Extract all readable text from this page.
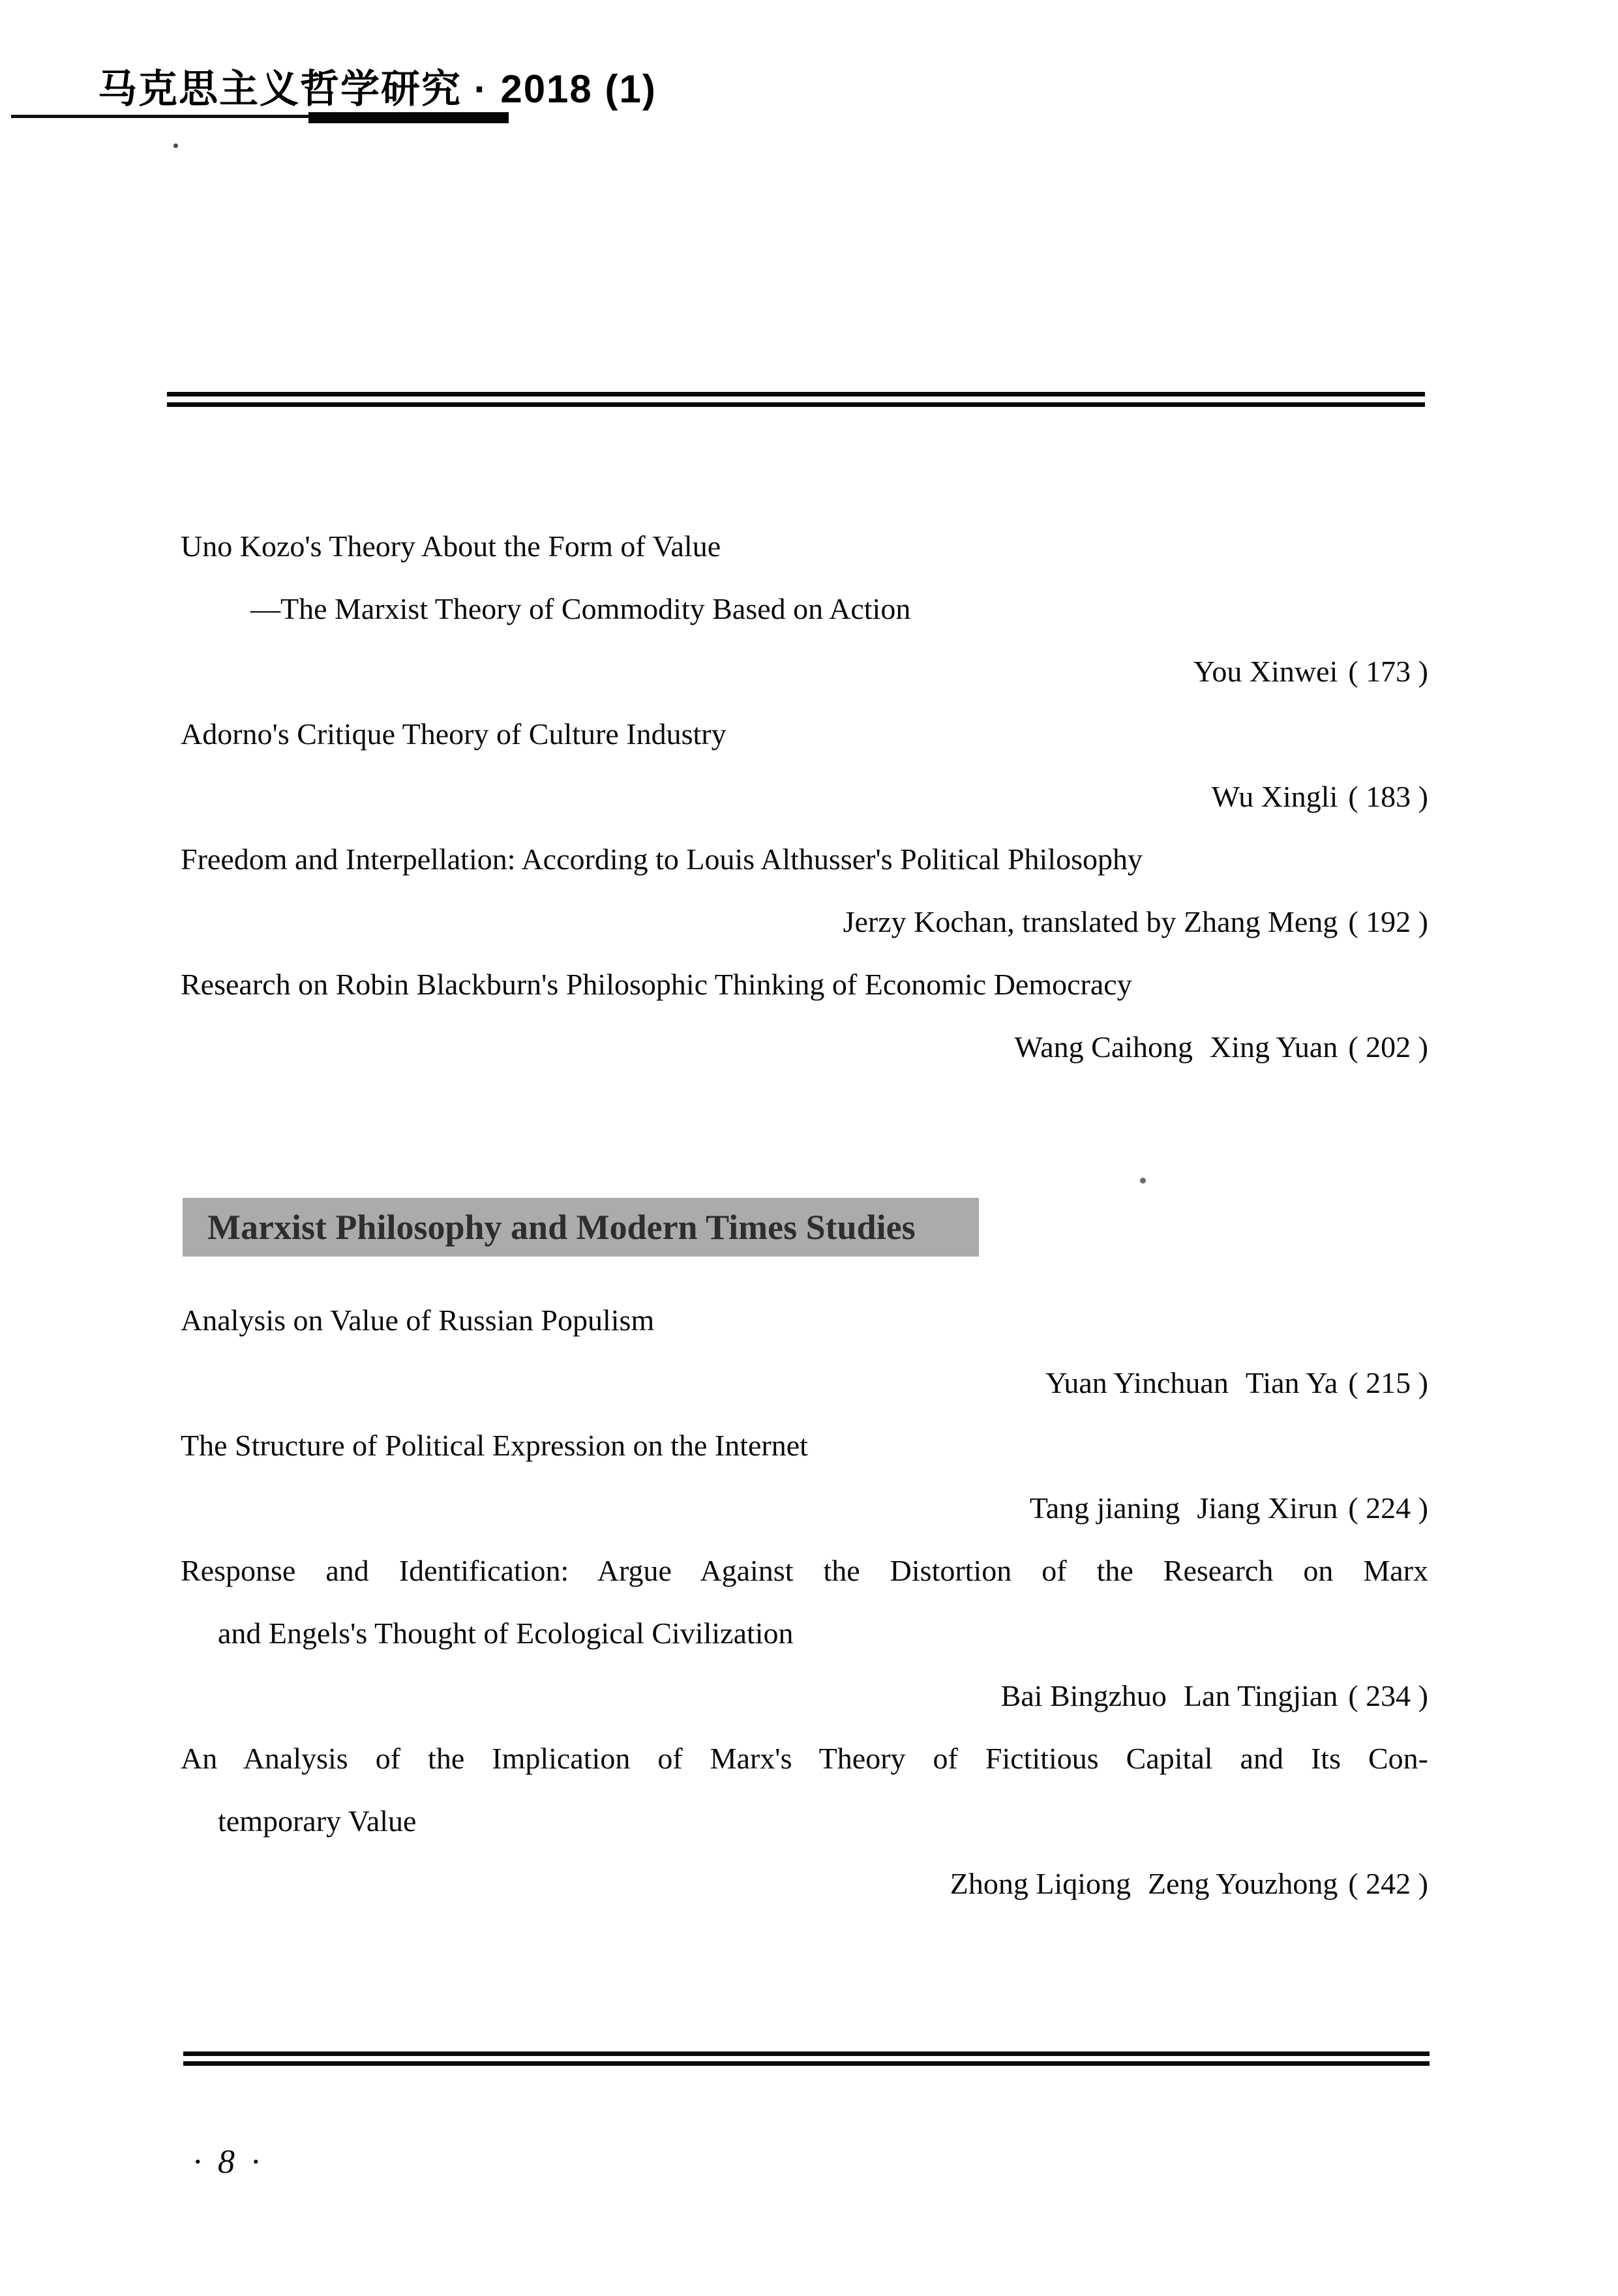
马克思主义哲学研究 · 2018 (1)
Uno Kozo's Theory About the Form of Value
—The Marxist Theory of Commodity Based on Action
You Xinwei ( 173 )
Adorno's Critique Theory of Culture Industry
Wu Xingli ( 183 )
Freedom and Interpellation: According to Louis Althusser's Political Philosophy
Jerzy Kochan, translated by Zhang Meng ( 192 )
Research on Robin Blackburn's Philosophic Thinking of Economic Democracy
Wang Caihong Xing Yuan ( 202 )
Marxist Philosophy and Modern Times Studies
Analysis on Value of Russian Populism
Yuan Yinchuan Tian Ya ( 215 )
The Structure of Political Expression on the Internet
Tang jianing Jiang Xirun ( 224 )
Response and Identification: Argue Against the Distortion of the Research on Marx
and Engels's Thought of Ecological Civilization
Bai Bingzhuo Lan Tingjian ( 234 )
An Analysis of the Implication of Marx's Theory of Fictitious Capital and Its Con-
temporary Value
Zhong Liqiong Zeng Youzhong ( 242 )
· 8 ·
